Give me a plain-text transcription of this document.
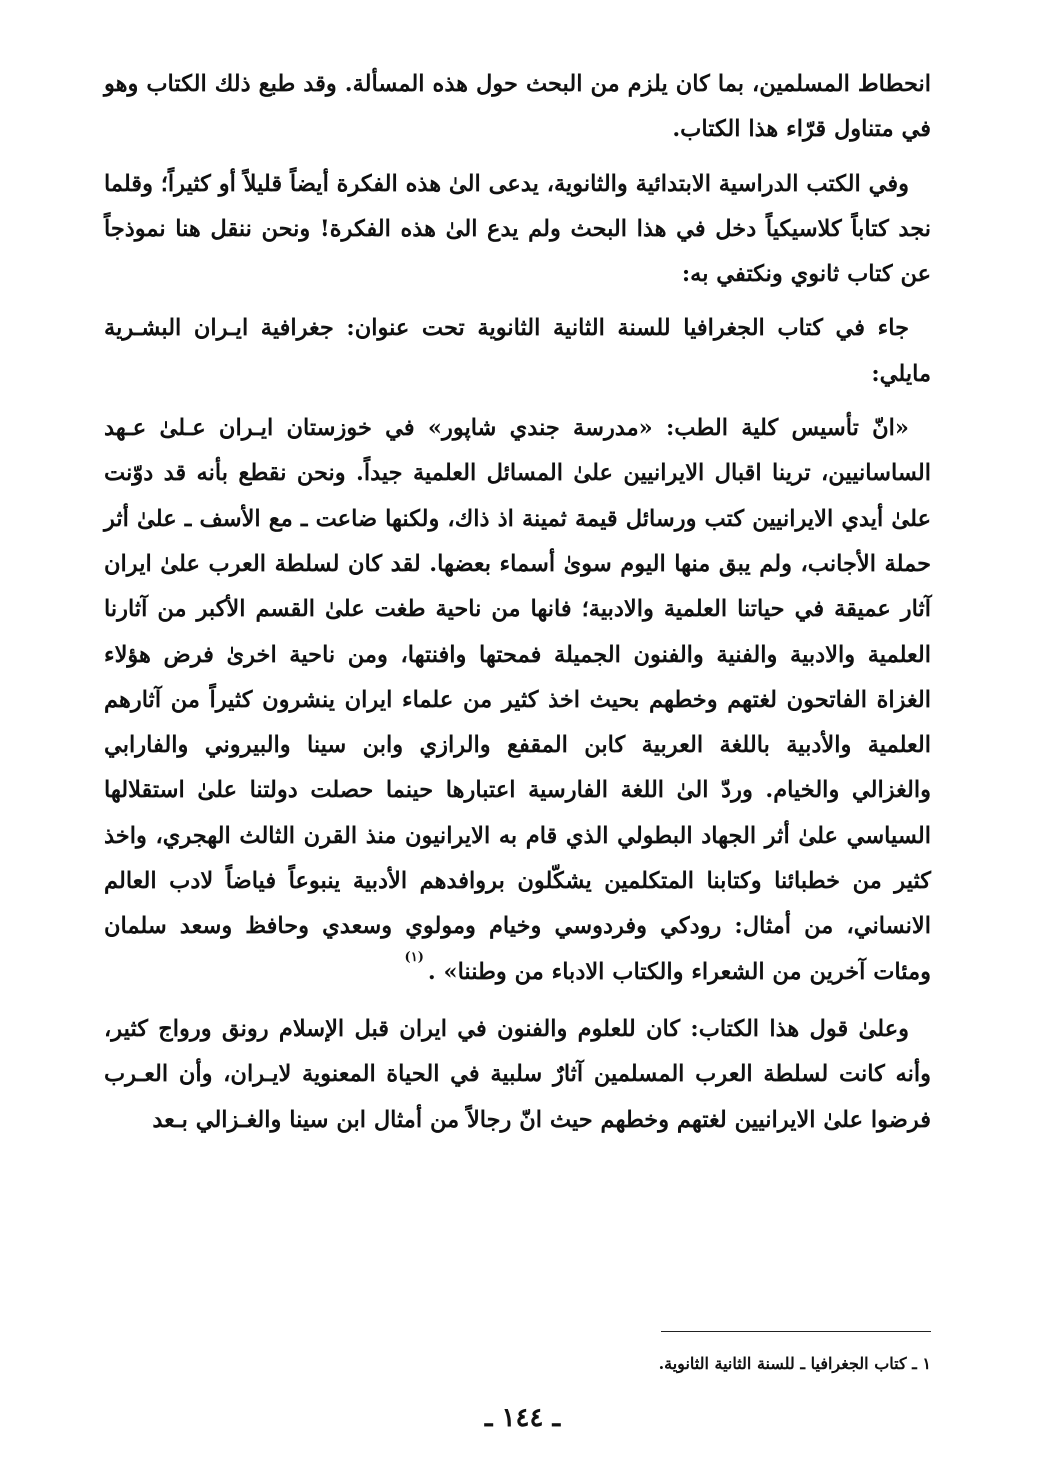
انحطاط المسلمين، بما كان يلزم من البحث حول هذه المسألة. وقد طبع ذلك الكتاب وهو في متناول قرّاء هذا الكتاب.

وفي الكتب الدراسية الابتدائية والثانوية، يدعى الىٰ هذه الفكرة أيضاً قليلاً أو كثيراً؛ وقلما نجد كتاباً كلاسيكياً دخل في هذا البحث ولم يدع الىٰ هذه الفكرة! ونحن ننقل هنا نموذجاً عن كتاب ثانوي ونكتفي به:

جاء في كتاب الجغرافيا للسنة الثانية الثانوية تحت عنوان: جغرافية ايـران البشـرية مايلي:

«انّ تأسيس كلية الطب: «مدرسة جندي شاپور» في خوزستان ايـران عـلىٰ عـهد الساسانيين، ترينا اقبال الايرانيين علىٰ المسائل العلمية جيداً. ونحن نقطع بأنه قد دوّنت علىٰ أيدي الايرانيين كتب ورسائل قيمة ثمينة اذ ذاك، ولكنها ضاعت ـ مع الأسف ـ علىٰ أثر حملة الأجانب، ولم يبق منها اليوم سوىٰ أسماء بعضها. لقد كان لسلطة العرب علىٰ ايران آثار عميقة في حياتنا العلمية والادبية؛ فانها من ناحية طغت علىٰ القسم الأكبر من آثارنا العلمية والادبية والفنية والفنون الجميلة فمحتها وافنتها، ومن ناحية اخرىٰ فرض هؤلاء الغزاة الفاتحون لغتهم وخطهم بحيث اخذ كثير من علماء ايران ينشرون كثيراً من آثارهم العلمية والأدبية باللغة العربية كابن المقفع والرازي وابن سينا والبيروني والفارابي والغزالي والخيام. وردّ الىٰ اللغة الفارسية اعتبارها حينما حصلت دولتنا علىٰ استقلالها السياسي علىٰ أثر الجهاد البطولي الذي قام به الايرانيون منذ القرن الثالث الهجري، واخذ كثير من خطبائنا وكتابنا المتكلمين يشكّلون بروافدهم الأدبية ينبوعاً فياضاً لادب العالم الانساني، من أمثال: رودكي وفردوسي وخيام ومولوي وسعدي وحافظ وسعد سلمان ومئات آخرين من الشعراء والكتاب الادباء من وطننا» .$^{(١)}$

وعلىٰ قول هذا الكتاب: كان للعلوم والفنون في ايران قبل الإسلام رونق ورواج كثير، وأنه كانت لسلطة العرب المسلمين آثارٌ سلبية في الحياة المعنوية لايـران، وأن العـرب فرضوا علىٰ الايرانيين لغتهم وخطهم حيث انّ رجالاً من أمثال ابن سينا والغـزالي بـعد

١ ـ كتاب الجغرافيا ـ للسنة الثانية الثانوية.
ـ ١٤٤ ـ
